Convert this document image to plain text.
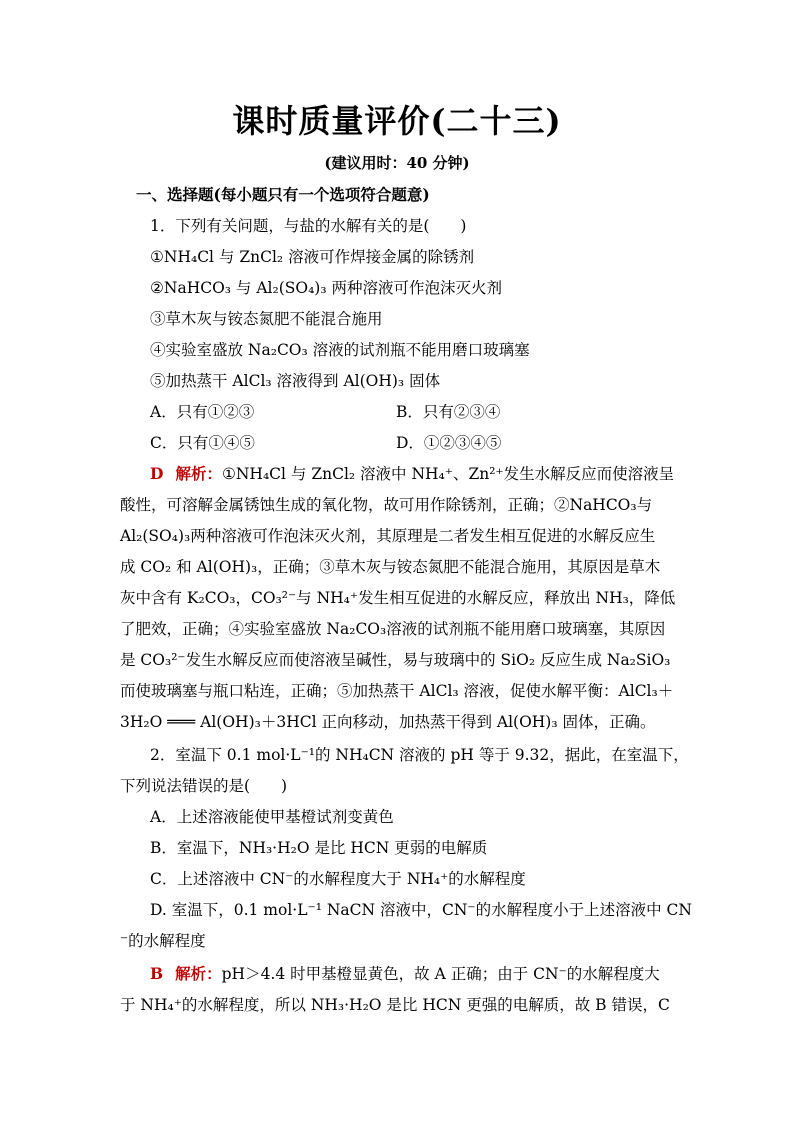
课时质量评价(二十三)
(建议用时：40 分钟)
一、选择题(每小题只有一个选项符合题意)
1．下列有关问题，与盐的水解有关的是(　　)
①NH₄Cl 与 ZnCl₂ 溶液可作焊接金属的除锈剂
②NaHCO₃ 与 Al₂(SO₄)₃ 两种溶液可作泡沫灭火剂
③草木灰与铵态氮肥不能混合施用
④实验室盛放 Na₂CO₃ 溶液的试剂瓶不能用磨口玻璃塞
⑤加热蒸干 AlCl₃ 溶液得到 Al(OH)₃ 固体
A．只有①②③	B．只有②③④
C．只有①④⑤	D．①②③④⑤
D 解析：①NH₄Cl 与 ZnCl₂ 溶液中 NH₄⁺、Zn²⁺发生水解反应而使溶液呈
酸性，可溶解金属锈蚀生成的氧化物，故可用作除锈剂，正确；②NaHCO₃与
Al₂(SO₄)₃两种溶液可作泡沫灭火剂，其原理是二者发生相互促进的水解反应生
成 CO₂ 和 Al(OH)₃，正确；③草木灰与铵态氮肥不能混合施用，其原因是草木
灰中含有 K₂CO₃，CO₃²⁻与 NH₄⁺发生相互促进的水解反应，释放出 NH₃，降低
了肥效，正确；④实验室盛放 Na₂CO₃溶液的试剂瓶不能用磨口玻璃塞，其原因
是 CO₃²⁻发生水解反应而使溶液呈碱性，易与玻璃中的 SiO₂ 反应生成 Na₂SiO₃
而使玻璃塞与瓶口粘连，正确；⑤加热蒸干 AlCl₃ 溶液，促使水解平衡：AlCl₃＋
3H₂O ═══ Al(OH)₃＋3HCl 正向移动，加热蒸干得到 Al(OH)₃ 固体，正确。
2．室温下 0.1 mol·L⁻¹的 NH₄CN 溶液的 pH 等于 9.32，据此，在室温下，
下列说法错误的是(　　)
A．上述溶液能使甲基橙试剂变黄色
B．室温下，NH₃·H₂O 是比 HCN 更弱的电解质
C．上述溶液中 CN⁻的水解程度大于 NH₄⁺的水解程度
D. 室温下，0.1 mol·L⁻¹ NaCN 溶液中，CN⁻的水解程度小于上述溶液中 CN
⁻的水解程度
B 解析：pH＞4.4 时甲基橙显黄色，故 A 正确；由于 CN⁻的水解程度大
于 NH₄⁺的水解程度，所以 NH₃·H₂O 是比 HCN 更强的电解质，故 B 错误，C
